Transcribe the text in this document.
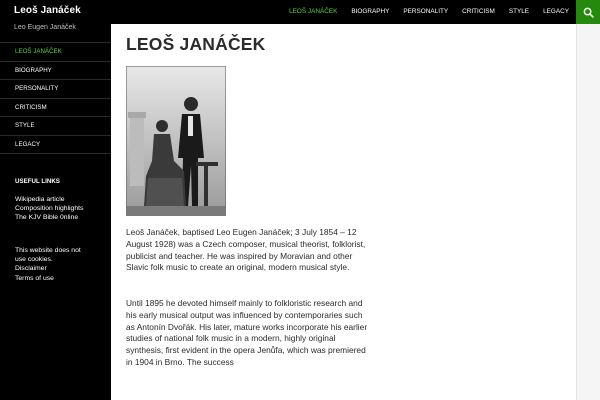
Leoš Janáček	LEOŠ JANÁČEK	BIOGRAPHY	PERSONALITY	CRITICISM	STYLE	LEGACY
Leo Eugen Janáček
LEOŠ JANÁČEK
BIOGRAPHY
PERSONALITY
CRITICISM
STYLE
LEGACY
USEFUL LINKS
Wikipedia article
Composition highlights
The KJV Bible 0nline
This website does not
use cookies.
Disclaimer
Terms of use
LEOŠ JANÁČEK

Leoš Janáček, baptised Leo Eugen Janáček; 3 July 1854 – 12 August 1928) was a Czech composer, musical theorist, folklorist, publicist and teacher. He was inspired by Moravian and other Slavic folk music to create an original, modern musical style.

Until 1895 he devoted himself mainly to folkloristic research and his early musical output was influenced by contemporaries such as Antonín Dvořák. His later, mature works incorporate his earlier studies of national folk music in a modern, highly original synthesis, first evident in the opera Jenůfa, which was premiered in 1904 in Brno. The success
